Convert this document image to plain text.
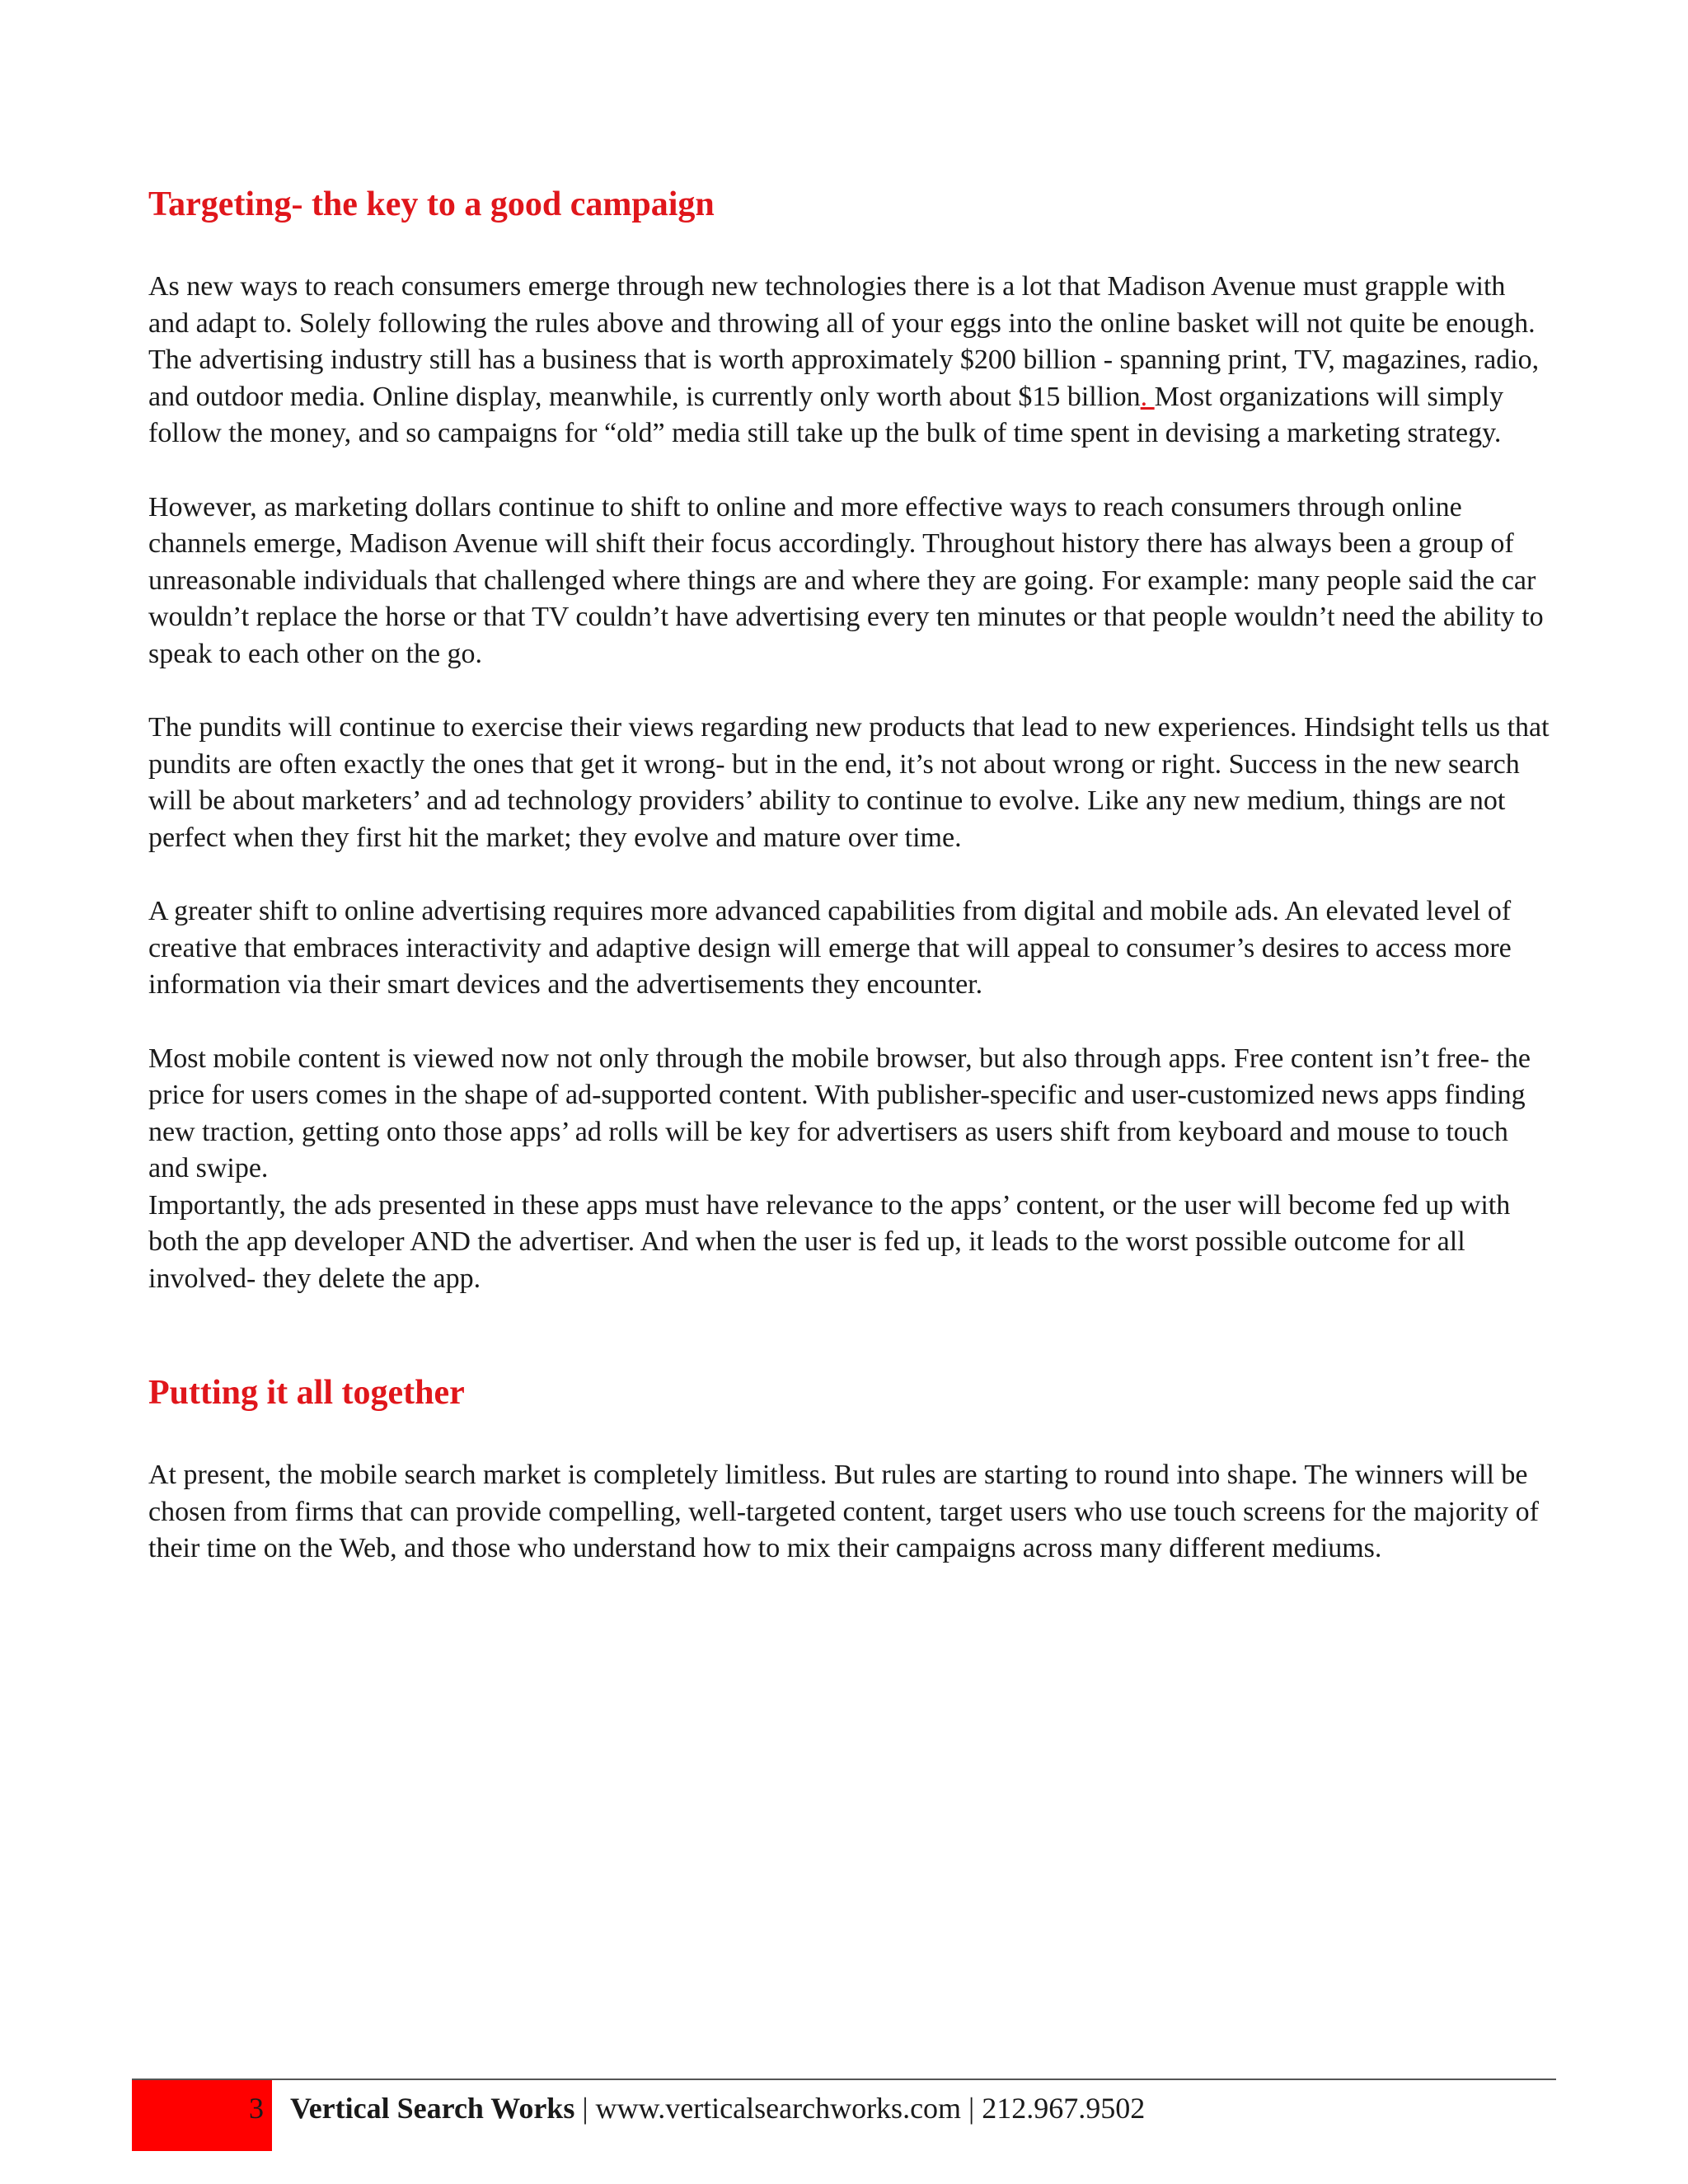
Targeting- the key to a good campaign

As new ways to reach consumers emerge through new technologies there is a lot that Madison Avenue must grapple with and adapt to. Solely following the rules above and throwing all of your eggs into the online basket will not quite be enough. The advertising industry still has a business that is worth approximately $200 billion - spanning print, TV, magazines, radio, and outdoor media. Online display, meanwhile, is currently only worth about $15 billion. Most organizations will simply follow the money, and so campaigns for “old” media still take up the bulk of time spent in devising a marketing strategy.

However, as marketing dollars continue to shift to online and more effective ways to reach consumers through online channels emerge, Madison Avenue will shift their focus accordingly. Throughout history there has always been a group of unreasonable individuals that challenged where things are and where they are going. For example: many people said the car wouldn’t replace the horse or that TV couldn’t have advertising every ten minutes or that people wouldn’t need the ability to speak to each other on the go.

The pundits will continue to exercise their views regarding new products that lead to new experiences. Hindsight tells us that pundits are often exactly the ones that get it wrong- but in the end, it’s not about wrong or right. Success in the new search will be about marketers’ and ad technology providers’ ability to continue to evolve. Like any new medium, things are not perfect when they first hit the market; they evolve and mature over time.

A greater shift to online advertising requires more advanced capabilities from digital and mobile ads. An elevated level of creative that embraces interactivity and adaptive design will emerge that will appeal to consumer’s desires to access more information via their smart devices and the advertisements they encounter.

Most mobile content is viewed now not only through the mobile browser, but also through apps. Free content isn’t free- the price for users comes in the shape of ad-supported content. With publisher-specific and user-customized news apps finding new traction, getting onto those apps’ ad rolls will be key for advertisers as users shift from keyboard and mouse to touch and swipe.

Importantly, the ads presented in these apps must have relevance to the apps’ content, or the user will become fed up with both the app developer AND the advertiser. And when the user is fed up, it leads to the worst possible outcome for all involved- they delete the app.

Putting it all together

At present, the mobile search market is completely limitless. But rules are starting to round into shape. The winners will be chosen from firms that can provide compelling, well-targeted content, target users who use touch screens for the majority of their time on the Web, and those who understand how to mix their campaigns across many different mediums.

3 Vertical Search Works | www.verticalsearchworks.com | 212.967.9502
